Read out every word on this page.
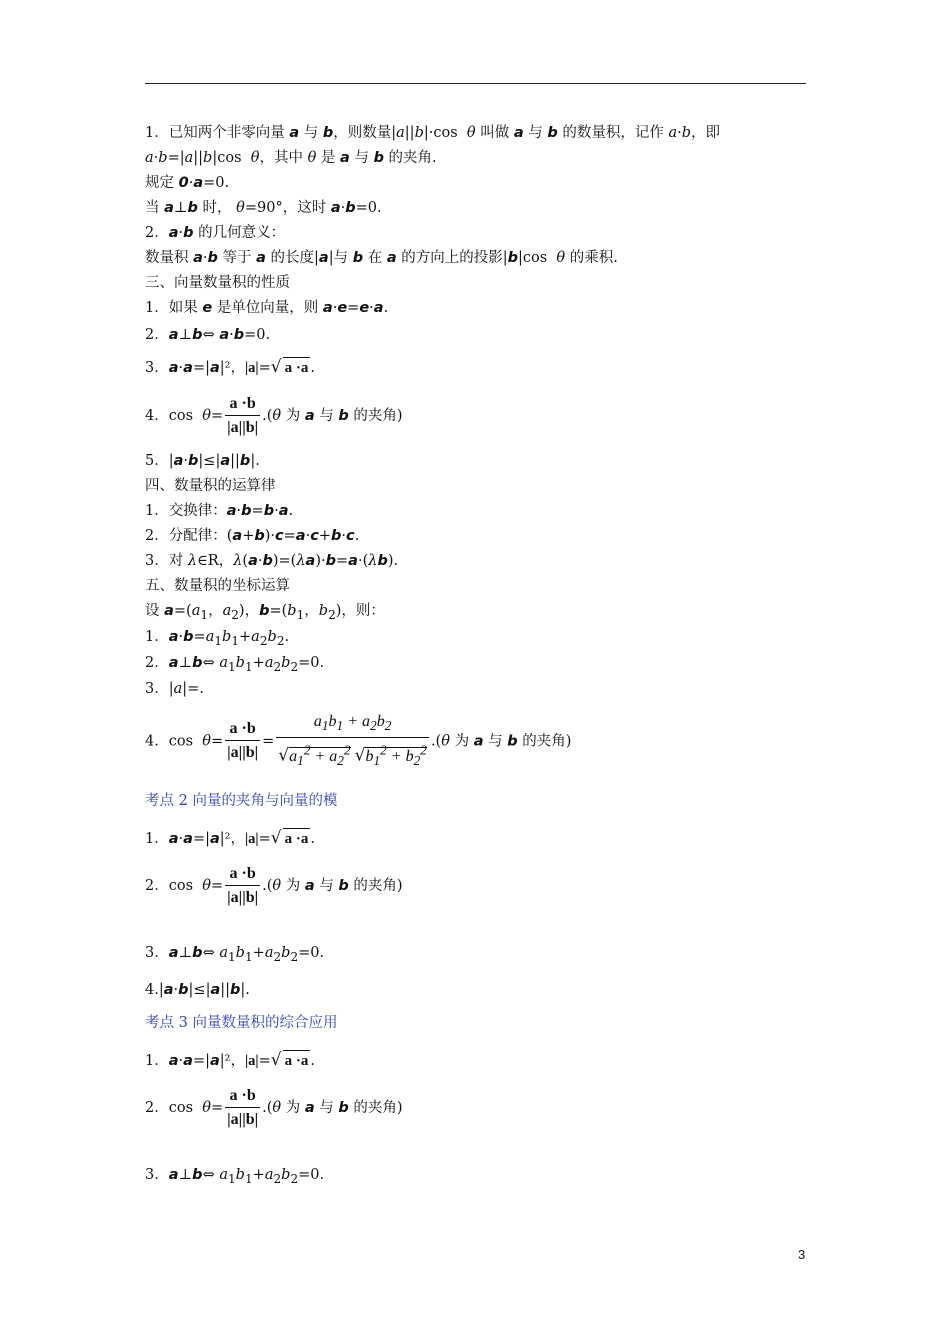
1．已知两个非零向量 a 与 b，则数量|a||b|·cos  θ 叫做 a 与 b 的数量积，记作 a·b，即
a·b=|a||b|cos  θ，其中 θ 是 a 与 b 的夹角.
规定 0·a=0.
当 a⊥b 时， θ=90°，这时 a·b=0.
2．a·b 的几何意义：
数量积 a·b 等于 a 的长度|a|与 b 在 a 的方向上的投影|b|cos  θ 的乘积.
三、向量数量积的性质
1．如果 e 是单位向量，则 a·e=e·a.
2．a⊥b⇔ a·b=0.
3．a·a=|a|²，|a|=√ a ·a .
4．$\cos \theta= \frac{a \cdot b}{|a||b|} .(\theta$ 为 a 与 b 的夹角)
5．|a·b|≤|a||b|.
四、数量积的运算律
1．交换律：a·b=b·a.
2．分配律：(a+b)·c=a·c+b·c.
3．对 λ∈R，λ(a·b)=(λa)·b=a·(λb).
五、数量积的坐标运算
设 $a=(a_1$，$a_2$)，$b=(b_1$，$b_2$)，则：
1．$a\cdot b=a_1b_1+a_2b_2$.
2．a⊥b⇔ $a_1b_1+a_2b_2=0$.
3．|a|=.
4．$\cos \theta= \frac{a \cdot b}{|a||b|} = \frac{a_1b_1 + a_2b_2}{√a_1^2 + a_2^2 √b_1^2 + b_2^2} .(\theta$ 为 a 与 b 的夹角)
考点 2 向量的夹角与向量的模
1．a·a=|a|²，|a|=√ a ·a .
2．$\cos \theta= \frac{a \cdot b}{|a||b|} .(\theta$ 为 a 与 b 的夹角)
3．a⊥b⇔ $a_1b_1+a_2b_2=0$.
4.|a·b|≤|a||b|.
考点 3 向量数量积的综合应用
1．a·a=|a|²，|a|=√ a ·a .
2．$\cos \theta= \frac{a \cdot b}{|a||b|} .(\theta$ 为 a 与 b 的夹角)
3．a⊥b⇔ $a_1b_1+a_2b_2=0$.
3
